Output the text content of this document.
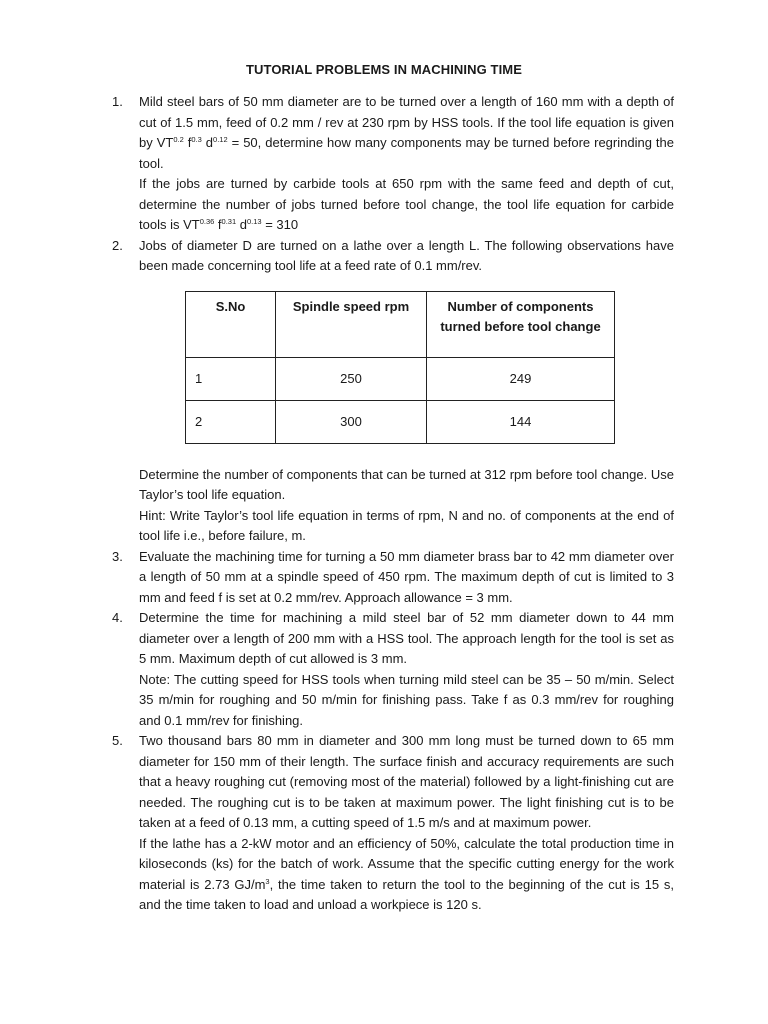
TUTORIAL PROBLEMS IN MACHINING TIME
1. Mild steel bars of 50 mm diameter are to be turned over a length of 160 mm with a depth of cut of 1.5 mm, feed of 0.2 mm / rev at 230 rpm by HSS tools. If the tool life equation is given by $VT^{0.2}$ $f^{0.3}$ $d^{0.12} = 50$, determine how many components may be turned before regrinding the tool.

If the jobs are turned by carbide tools at 650 rpm with the same feed and depth of cut, determine the number of jobs turned before tool change, the tool life equation for carbide tools is $VT^{0.36}$ $f^{0.31}$ $d^{0.13} = 310$

2. Jobs of diameter D are turned on a lathe over a length L. The following observations have been made concerning tool life at a feed rate of 0.1 mm/rev.

S.No	Spindle speed rpm	Number of components turned before tool change
1	250	249
2	300	144

Determine the number of components that can be turned at 312 rpm before tool change. Use Taylor’s tool life equation.

Hint: Write Taylor’s tool life equation in terms of rpm, N and no. of components at the end of tool life i.e., before failure, m.

3. Evaluate the machining time for turning a 50 mm diameter brass bar to 42 mm diameter over a length of 50 mm at a spindle speed of 450 rpm. The maximum depth of cut is limited to 3 mm and feed f is set at 0.2 mm/rev. Approach allowance = 3 mm.

4. Determine the time for machining a mild steel bar of 52 mm diameter down to 44 mm diameter over a length of 200 mm with a HSS tool. The approach length for the tool is set as 5 mm. Maximum depth of cut allowed is 3 mm.

Note: The cutting speed for HSS tools when turning mild steel can be 35 – 50 m/min. Select 35 m/min for roughing and 50 m/min for finishing pass. Take f as 0.3 mm/rev for roughing and 0.1 mm/rev for finishing.

5. Two thousand bars 80 mm in diameter and 300 mm long must be turned down to 65 mm diameter for 150 mm of their length. The surface finish and accuracy requirements are such that a heavy roughing cut (removing most of the material) followed by a light-finishing cut are needed. The roughing cut is to be taken at maximum power. The light finishing cut is to be taken at a feed of 0.13 mm, a cutting speed of 1.5 m/s and at maximum power.

If the lathe has a 2-kW motor and an efficiency of 50%, calculate the total production time in kiloseconds (ks) for the batch of work. Assume that the specific cutting energy for the work material is 2.73 $GJ/m^3$, the time taken to return the tool to the beginning of the cut is 15 s, and the time taken to load and unload a workpiece is 120 s.
